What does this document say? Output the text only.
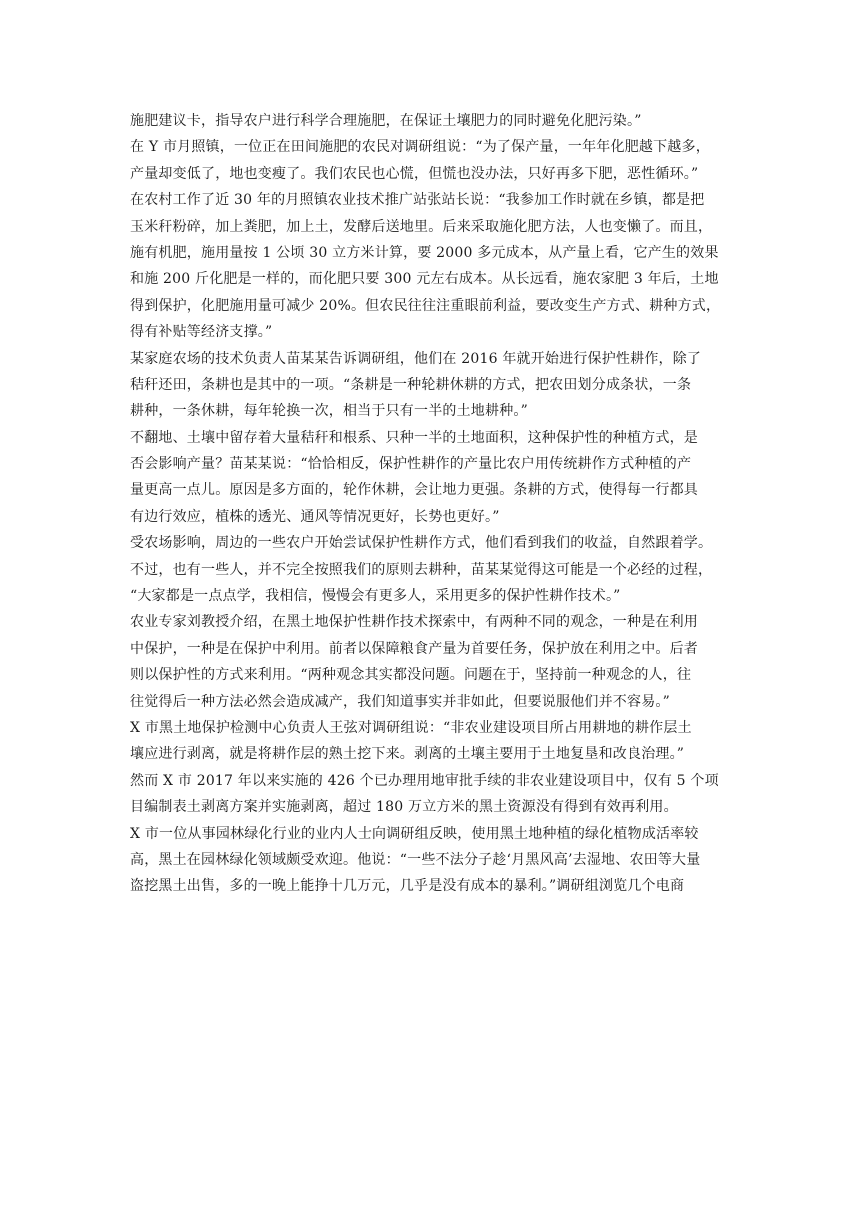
施肥建议卡，指导农户进行科学合理施肥，在保证土壤肥力的同时避免化肥污染。”
在 Y 市月照镇，一位正在田间施肥的农民对调研组说：“为了保产量，一年年化肥越下越多，
产量却变低了，地也变瘦了。我们农民也心慌，但慌也没办法，只好再多下肥，恶性循环。”
在农村工作了近 30 年的月照镇农业技术推广站张站长说：“我参加工作时就在乡镇，都是把
玉米秆粉碎，加上粪肥，加上土，发酵后送地里。后来采取施化肥方法，人也变懒了。而且，
施有机肥，施用量按 1 公顷 30 立方米计算，要 2000 多元成本，从产量上看，它产生的效果
和施 200 斤化肥是一样的，而化肥只要 300 元左右成本。从长远看，施农家肥 3 年后，土地
得到保护，化肥施用量可减少 20%。但农民往往注重眼前利益，要改变生产方式、耕种方式，
得有补贴等经济支撑。”
某家庭农场的技术负责人苗某某告诉调研组，他们在 2016 年就开始进行保护性耕作，除了
秸秆还田，条耕也是其中的一项。“条耕是一种轮耕休耕的方式，把农田划分成条状，一条
耕种，一条休耕，每年轮换一次，相当于只有一半的土地耕种。”
不翻地、土壤中留存着大量秸秆和根系、只种一半的土地面积，这种保护性的种植方式，是
否会影响产量？苗某某说：“恰恰相反，保护性耕作的产量比农户用传统耕作方式种植的产
量更高一点儿。原因是多方面的，轮作休耕，会让地力更强。条耕的方式，使得每一行都具
有边行效应，植株的透光、通风等情况更好，长势也更好。”
受农场影响，周边的一些农户开始尝试保护性耕作方式，他们看到我们的收益，自然跟着学。
不过，也有一些人，并不完全按照我们的原则去耕种，苗某某觉得这可能是一个必经的过程，
“大家都是一点点学，我相信，慢慢会有更多人，采用更多的保护性耕作技术。”
农业专家刘教授介绍，在黑土地保护性耕作技术探索中，有两种不同的观念，一种是在利用
中保护，一种是在保护中利用。前者以保障粮食产量为首要任务，保护放在利用之中。后者
则以保护性的方式来利用。“两种观念其实都没问题。问题在于，坚持前一种观念的人，往
往觉得后一种方法必然会造成减产，我们知道事实并非如此，但要说服他们并不容易。”
X 市黑土地保护检测中心负责人王弦对调研组说：“非农业建设项目所占用耕地的耕作层土
壤应进行剥离，就是将耕作层的熟土挖下来。剥离的土壤主要用于土地复垦和改良治理。”
然而 X 市 2017 年以来实施的 426 个已办理用地审批手续的非农业建设项目中，仅有 5 个项
目编制表土剥离方案并实施剥离，超过 180 万立方米的黑土资源没有得到有效再利用。
X 市一位从事园林绿化行业的业内人士向调研组反映，使用黑土地种植的绿化植物成活率较
高，黑土在园林绿化领域颇受欢迎。他说：“一些不法分子趁‘月黑风高’去湿地、农田等大量
盗挖黑土出售，多的一晚上能挣十几万元，几乎是没有成本的暴利。”调研组浏览几个电商
